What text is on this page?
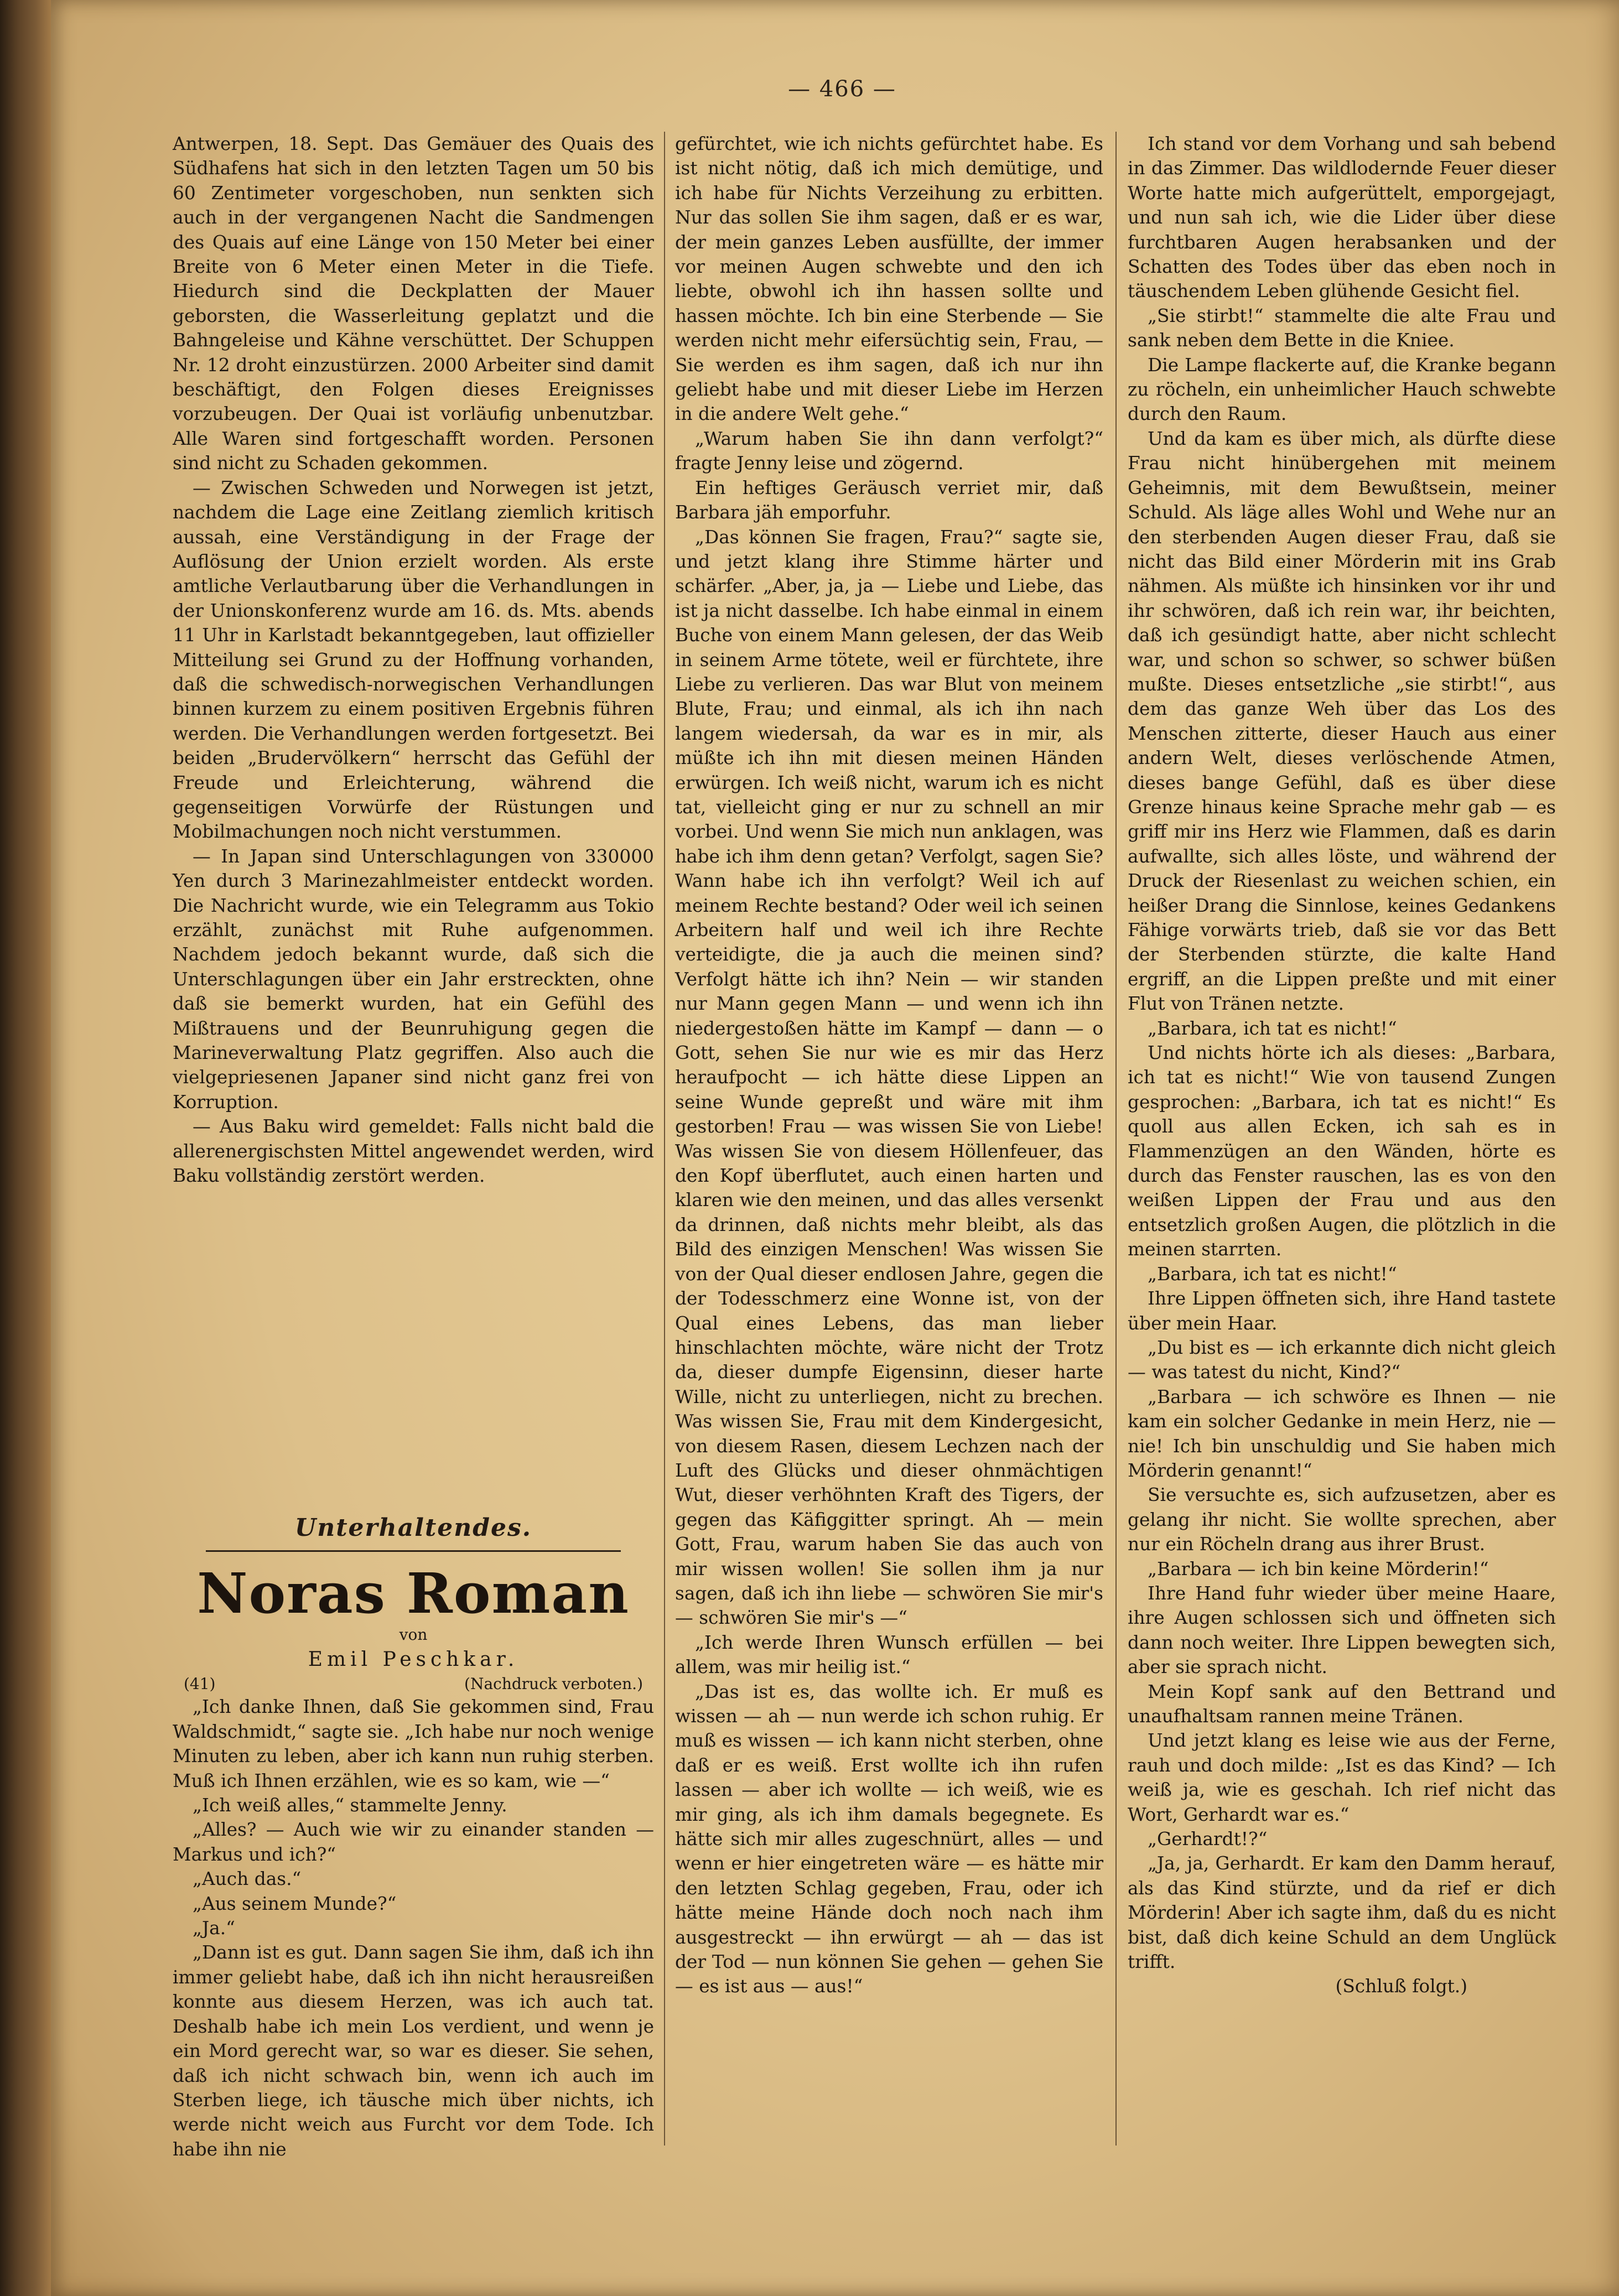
— 466 —

Antwerpen, 18. Sept. Das Gemäuer des Quais des Südhafens hat sich in den letzten Tagen um 50 bis 60 Zentimeter vorgeschoben, nun senkten sich auch in der vergangenen Nacht die Sandmengen des Quais auf eine Länge von 150 Meter bei einer Breite von 6 Meter einen Meter in die Tiefe. Hiedurch sind die Deckplatten der Mauer geborsten, die Wasserleitung geplatzt und die Bahngeleise und Kähne verschüttet. Der Schuppen Nr. 12 droht einzustürzen. 2000 Arbeiter sind damit beschäftigt, den Folgen dieses Ereignisses vorzubeugen. Der Quai ist vorläufig unbenutzbar. Alle Waren sind fortgeschafft worden. Personen sind nicht zu Schaden gekommen.

— Zwischen Schweden und Norwegen ist jetzt, nachdem die Lage eine Zeitlang ziemlich kritisch aussah, eine Verständigung in der Frage der Auflösung der Union erzielt worden. Als erste amtliche Verlautbarung über die Verhandlungen in der Unionskonferenz wurde am 16. ds. Mts. abends 11 Uhr in Karlstadt bekanntgegeben, laut offizieller Mitteilung sei Grund zu der Hoffnung vorhanden, daß die schwedisch-norwegischen Verhandlungen binnen kurzem zu einem positiven Ergebnis führen werden. Die Verhandlungen werden fortgesetzt. Bei beiden „Brudervölkern“ herrscht das Gefühl der Freude und Erleichterung, während die gegenseitigen Vorwürfe der Rüstungen und Mobilmachungen noch nicht verstummen.

— In Japan sind Unterschlagungen von 330000 Yen durch 3 Marinezahlmeister entdeckt worden. Die Nachricht wurde, wie ein Telegramm aus Tokio erzählt, zunächst mit Ruhe aufgenommen. Nachdem jedoch bekannt wurde, daß sich die Unterschlagungen über ein Jahr erstreckten, ohne daß sie bemerkt wurden, hat ein Gefühl des Mißtrauens und der Beunruhigung gegen die Marineverwaltung Platz gegriffen. Also auch die vielgepriesenen Japaner sind nicht ganz frei von Korruption.

— Aus Baku wird gemeldet: Falls nicht bald die allerenergischsten Mittel angewendet werden, wird Baku vollständig zerstört werden.

Unterhaltendes.
Noras Roman
von
Emil Peschkar.
(41)	(Nachdruck verboten.)

„Ich danke Ihnen, daß Sie gekommen sind, Frau Waldschmidt,“ sagte sie. „Ich habe nur noch wenige Minuten zu leben, aber ich kann nun ruhig sterben. Muß ich Ihnen erzählen, wie es so kam, wie —“

„Ich weiß alles,“ stammelte Jenny.

„Alles? — Auch wie wir zu einander standen — Markus und ich?“

„Auch das.“

„Aus seinem Munde?“

„Ja.“

„Dann ist es gut. Dann sagen Sie ihm, daß ich ihn immer geliebt habe, daß ich ihn nicht herausreißen konnte aus diesem Herzen, was ich auch tat. Deshalb habe ich mein Los verdient, und wenn je ein Mord gerecht war, so war es dieser. Sie sehen, daß ich nicht schwach bin, wenn ich auch im Sterben liege, ich täusche mich über nichts, ich werde nicht weich aus Furcht vor dem Tode. Ich habe ihn nie

gefürchtet, wie ich nichts gefürchtet habe. Es ist nicht nötig, daß ich mich demütige, und ich habe für Nichts Verzeihung zu erbitten. Nur das sollen Sie ihm sagen, daß er es war, der mein ganzes Leben ausfüllte, der immer vor meinen Augen schwebte und den ich liebte, obwohl ich ihn hassen sollte und hassen möchte. Ich bin eine Sterbende — Sie werden nicht mehr eifersüchtig sein, Frau, — Sie werden es ihm sagen, daß ich nur ihn geliebt habe und mit dieser Liebe im Herzen in die andere Welt gehe.“

„Warum haben Sie ihn dann verfolgt?“ fragte Jenny leise und zögernd.

Ein heftiges Geräusch verriet mir, daß Barbara jäh emporfuhr.

„Das können Sie fragen, Frau?“ sagte sie, und jetzt klang ihre Stimme härter und schärfer. „Aber, ja, ja — Liebe und Liebe, das ist ja nicht dasselbe. Ich habe einmal in einem Buche von einem Mann gelesen, der das Weib in seinem Arme tötete, weil er fürchtete, ihre Liebe zu verlieren. Das war Blut von meinem Blute, Frau; und einmal, als ich ihn nach langem wiedersah, da war es in mir, als müßte ich ihn mit diesen meinen Händen erwürgen. Ich weiß nicht, warum ich es nicht tat, vielleicht ging er nur zu schnell an mir vorbei. Und wenn Sie mich nun anklagen, was habe ich ihm denn getan? Verfolgt, sagen Sie? Wann habe ich ihn verfolgt? Weil ich auf meinem Rechte bestand? Oder weil ich seinen Arbeitern half und weil ich ihre Rechte verteidigte, die ja auch die meinen sind? Verfolgt hätte ich ihn? Nein — wir standen nur Mann gegen Mann — und wenn ich ihn niedergestoßen hätte im Kampf — dann — o Gott, sehen Sie nur wie es mir das Herz heraufpocht — ich hätte diese Lippen an seine Wunde gepreßt und wäre mit ihm gestorben! Frau — was wissen Sie von Liebe! Was wissen Sie von diesem Höllenfeuer, das den Kopf überflutet, auch einen harten und klaren wie den meinen, und das alles versenkt da drinnen, daß nichts mehr bleibt, als das Bild des einzigen Menschen! Was wissen Sie von der Qual dieser endlosen Jahre, gegen die der Todesschmerz eine Wonne ist, von der Qual eines Lebens, das man lieber hinschlachten möchte, wäre nicht der Trotz da, dieser dumpfe Eigensinn, dieser harte Wille, nicht zu unterliegen, nicht zu brechen. Was wissen Sie, Frau mit dem Kindergesicht, von diesem Rasen, diesem Lechzen nach der Luft des Glücks und dieser ohnmächtigen Wut, dieser verhöhnten Kraft des Tigers, der gegen das Käfiggitter springt. Ah — mein Gott, Frau, warum haben Sie das auch von mir wissen wollen! Sie sollen ihm ja nur sagen, daß ich ihn liebe — schwören Sie mir's — schwören Sie mir's —“

„Ich werde Ihren Wunsch erfüllen — bei allem, was mir heilig ist.“

„Das ist es, das wollte ich. Er muß es wissen — ah — nun werde ich schon ruhig. Er muß es wissen — ich kann nicht sterben, ohne daß er es weiß. Erst wollte ich ihn rufen lassen — aber ich wollte — ich weiß, wie es mir ging, als ich ihm damals begegnete. Es hätte sich mir alles zugeschnürt, alles — und wenn er hier eingetreten wäre — es hätte mir den letzten Schlag gegeben, Frau, oder ich hätte meine Hände doch noch nach ihm ausgestreckt — ihn erwürgt — ah — das ist der Tod — nun können Sie gehen — gehen Sie — es ist aus — aus!“

Ich stand vor dem Vorhang und sah bebend in das Zimmer. Das wildlodernde Feuer dieser Worte hatte mich aufgerüttelt, emporgejagt, und nun sah ich, wie die Lider über diese furchtbaren Augen herabsanken und der Schatten des Todes über das eben noch in täuschendem Leben glühende Gesicht fiel.

„Sie stirbt!“ stammelte die alte Frau und sank neben dem Bette in die Kniee.

Die Lampe flackerte auf, die Kranke begann zu röcheln, ein unheimlicher Hauch schwebte durch den Raum.

Und da kam es über mich, als dürfte diese Frau nicht hinübergehen mit meinem Geheimnis, mit dem Bewußtsein, meiner Schuld. Als läge alles Wohl und Wehe nur an den sterbenden Augen dieser Frau, daß sie nicht das Bild einer Mörderin mit ins Grab nähmen. Als müßte ich hinsinken vor ihr und ihr schwören, daß ich rein war, ihr beichten, daß ich gesündigt hatte, aber nicht schlecht war, und schon so schwer, so schwer büßen mußte. Dieses entsetzliche „sie stirbt!“, aus dem das ganze Weh über das Los des Menschen zitterte, dieser Hauch aus einer andern Welt, dieses verlöschende Atmen, dieses bange Gefühl, daß es über diese Grenze hinaus keine Sprache mehr gab — es griff mir ins Herz wie Flammen, daß es darin aufwallte, sich alles löste, und während der Druck der Riesenlast zu weichen schien, ein heißer Drang die Sinnlose, keines Gedankens Fähige vorwärts trieb, daß sie vor das Bett der Sterbenden stürzte, die kalte Hand ergriff, an die Lippen preßte und mit einer Flut von Tränen netzte.

„Barbara, ich tat es nicht!“

Und nichts hörte ich als dieses: „Barbara, ich tat es nicht!“ Wie von tausend Zungen gesprochen: „Barbara, ich tat es nicht!“ Es quoll aus allen Ecken, ich sah es in Flammenzügen an den Wänden, hörte es durch das Fenster rauschen, las es von den weißen Lippen der Frau und aus den entsetzlich großen Augen, die plötzlich in die meinen starrten.

„Barbara, ich tat es nicht!“

Ihre Lippen öffneten sich, ihre Hand tastete über mein Haar.

„Du bist es — ich erkannte dich nicht gleich — was tatest du nicht, Kind?“

„Barbara — ich schwöre es Ihnen — nie kam ein solcher Gedanke in mein Herz, nie — nie! Ich bin unschuldig und Sie haben mich Mörderin genannt!“

Sie versuchte es, sich aufzusetzen, aber es gelang ihr nicht. Sie wollte sprechen, aber nur ein Röcheln drang aus ihrer Brust.

„Barbara — ich bin keine Mörderin!“

Ihre Hand fuhr wieder über meine Haare, ihre Augen schlossen sich und öffneten sich dann noch weiter. Ihre Lippen bewegten sich, aber sie sprach nicht.

Mein Kopf sank auf den Bettrand und unaufhaltsam rannen meine Tränen.

Und jetzt klang es leise wie aus der Ferne, rauh und doch milde: „Ist es das Kind? — Ich weiß ja, wie es geschah. Ich rief nicht das Wort, Gerhardt war es.“

„Gerhardt!?“

„Ja, ja, Gerhardt. Er kam den Damm herauf, als das Kind stürzte, und da rief er dich Mörderin! Aber ich sagte ihm, daß du es nicht bist, daß dich keine Schuld an dem Unglück trifft.

(Schluß folgt.)
